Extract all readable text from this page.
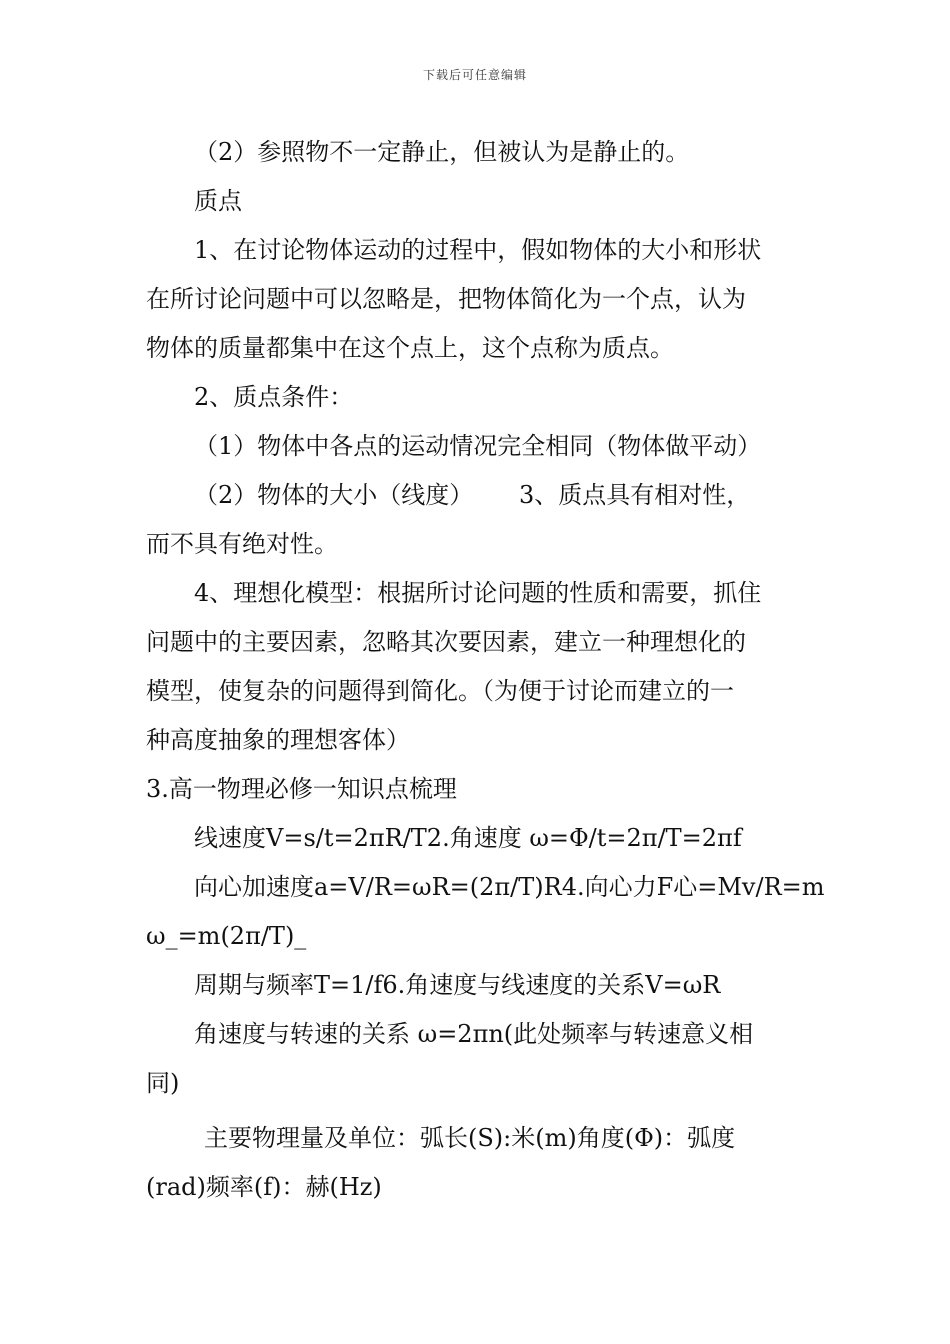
下载后可任意编辑
（2）参照物不一定静止，但被认为是静止的。
质点
1、在讨论物体运动的过程中，假如物体的大小和形状
在所讨论问题中可以忽略是，把物体简化为一个点，认为
物体的质量都集中在这个点上，这个点称为质点。
2、质点条件：
（1）物体中各点的运动情况完全相同（物体做平动）
（2）物体的大小（线度）      3、质点具有相对性，
而不具有绝对性。
4、理想化模型：根据所讨论问题的性质和需要，抓住
问题中的主要因素，忽略其次要因素，建立一种理想化的
模型，使复杂的问题得到简化。（为便于讨论而建立的一
种高度抽象的理想客体）
3.高一物理必修一知识点梳理
线速度V=s/t=2πR/T2.角速度 ω=Φ/t=2π/T=2πf
向心加速度a=V/R=ωR=(2π/T)R4.向心力F心=Mv/R=m
ω_=m(2π/T)_
周期与频率T=1/f6.角速度与线速度的关系V=ωR
角速度与转速的关系 ω=2πn(此处频率与转速意义相
同)
主要物理量及单位：弧长(S):米(m)角度(Φ)：弧度
(rad)频率(f)：赫(Hz)
